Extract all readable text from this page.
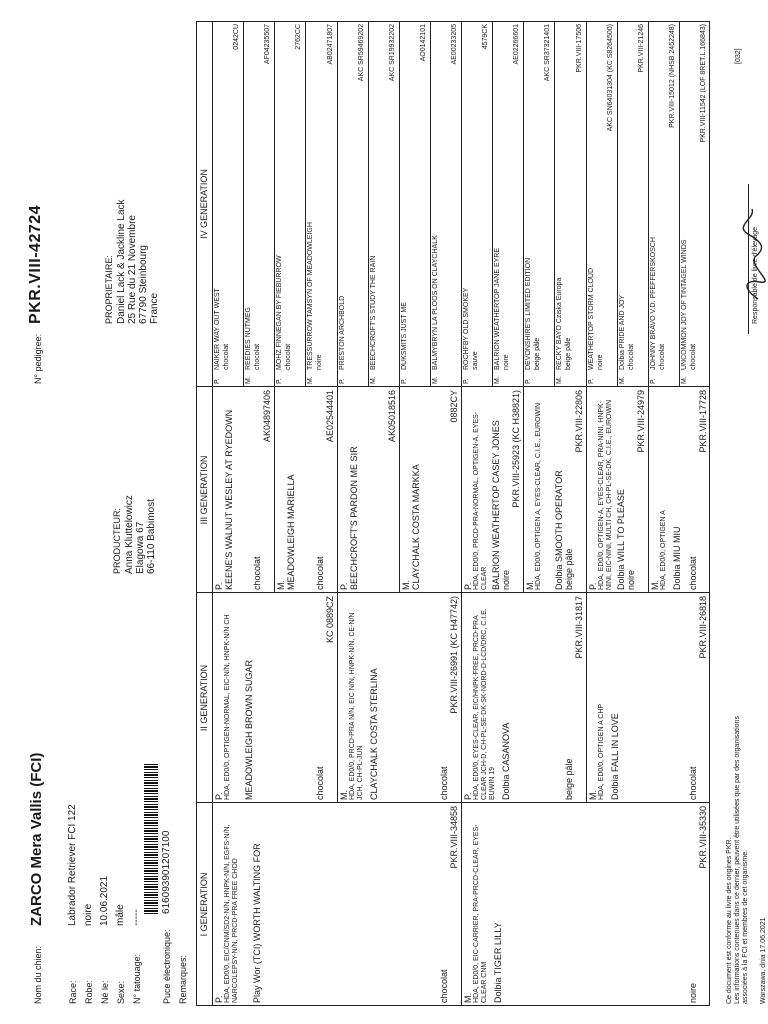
Nom du chien:
ZARCO Mera Vallis (FCI)
N° pedigree:
PKR.VIII-42724
Race:
Labrador Retriever FCI 122
Robe:
noire
Né le:
10.06.2021
Sexe:
mâle
N° tatouage:
-----
Puce électronique:
616093901207100
Remarques:
PRODUCTEUR: Anna Kluttelowicz Elagowa 67 66-110 Babimost
PROPRIETAIRE: Daniel Lack & Jackline Lack 25 Rue du 21 Novembre 67790 Steinbourg France
I GENERATION
II GENERATION
III GENERATION
IV GENERATION
P. HDA, ED0/0, EIC/CNM/SD2-N/N, HNPK-N/N, EGFS-N/N, NARCOLEPSY-N/N, PRCD-PRA FREE CHOD Play Wor (TCI) WORTH WALTING FOR	chocolat
PKR.VIII-34858
M. HDA, ED0/0, EIC-CARRIER, PRA-PRCD-CLEAR, EYES-CLEAR CNM Dolbia TIGER LILLY	noire
PKR.VIII-35330
P. HDA, ED0/0, OPTIGEN-NORMAL, EIC-N/N, HNPK-N/N CH MEADOWLEIGH BROWN SUGAR	chocolat
KC 0889CZ
M. HDA, ED0/0, PRCD-PRA N/N, EIC N/N, HNPK-N/N, CE-N/N JCH, CH-PL-JUN CLAYCHALK COSTA STERLINA	chocolat
PKR.VIII-26991 (KC H47742)
P. HDA, ED0/0, EYES-CLEAR, EIC/HNPK-FREE, PRCD-PRA CLEAR JCH-D, CH-PL-SE-DK-SK-NORD-D-LCD/DRC, C.I.E. EUWIN 19 Dolbia CASANOVA	beige pâle
PKR.VIII-31817
M. HDA, ED0/0, OPTIGEN A CHP Dolbia FALL IN LOVE	chocolat
PKR.VIII-26818
P. KEENE'S WALNUT WESLEY AT RYEDOWN chocolat
AK04897406
M. MEADOWLEIGH MARIELLA chocolat
AE02544401
P. BEECHCROFT'S PARDON ME SIR
AK05018516
M. CLAYCHALK COSTA MARKKA
0882CY
P. HDA, ED0/0, PRCD-PRA-NORMAL, OPTIGEN-A, EYES-CLEAR BALRION WEATHERTOP CASEY JONES noire
PKR.VIII-25923 (KC H38821)
M. HDA, ED0/0, OPTIGEN A, EYES-CLEAR, C.I.E., EUROWIN Dolbia SMOOTH OPERATOR beige pâle
PKR.VIII-22806
P. HDA, ED0/0, OPTIGEN-A, EYES-CLEAR, PRA-NINI, HNPK-NINI, EIC-NINI, MULTI CH, CH-PL-SE-DK, C.I.E., EUROWIN Dolbia WILL TO PLEASE noire
PKR.VIII-24979
M. HDA, ED0/0, OPTIGEN A Dolbia MIU MIU chocolat
PKR.VIII-17728
P.
NAIKER WAY OUT WEST chocolat
0242CU
M.
REEDIES NUTMEG chocolat
AF04235507
P.
MOHZ FINNEGAN BY FIEBURROW chocolat
2762CC
M.
TRESSURROW TAMSYN OF MEADOWLEIGH noire
AB02471807
P.
PRESTON ARCHBOLD
AKC SR59469202
M.
BEECHCROFT'S STUDY THE RAIN
AKC SR19932202
P.
DUKSMITS JUST ME
AO0142101
M.
BALMYBRYN LA PLOOS ON CLAYCHALK
AE00233205
P.
ROCHFBY OLD SMOKEY sauve
4579CK
M.
BALRION WEATHERTOP JANE EYRE noire
AE02266601
P.
DEVONSHIRE'S LIMITED EDITION beige pâle
AKC SR37321401
M.
RECKY BAYO Cziska Europa beige pâle
PKR.VIII-17506
P.
WEATHERTOP STORM CLOUD noire
AKC SN64031304 (KC S8264500)
M.
Dolbia PRIDE AND JOY chocolat
PKR.VIII-21246
P.
JOHNNY BRAVO V.D. PFEFFERSKOSCH chocolat
PKR.VIII-15012 (NHSB 2452248)
M.
UNCOMMON JOY OF TINTAGEL WINDS chocolat
PKR.VIII-11542 (LOF 8RET.L.166843)
Ce document est conforme au livre des origines PKR. Les informations contenues dans ce dernier, peuvent être utilisées que par des organisations associées à la FCI et membres de cet organisme. Warszawa, dnia 17.06.2021
Responsable de livre d'élevage
[032]
